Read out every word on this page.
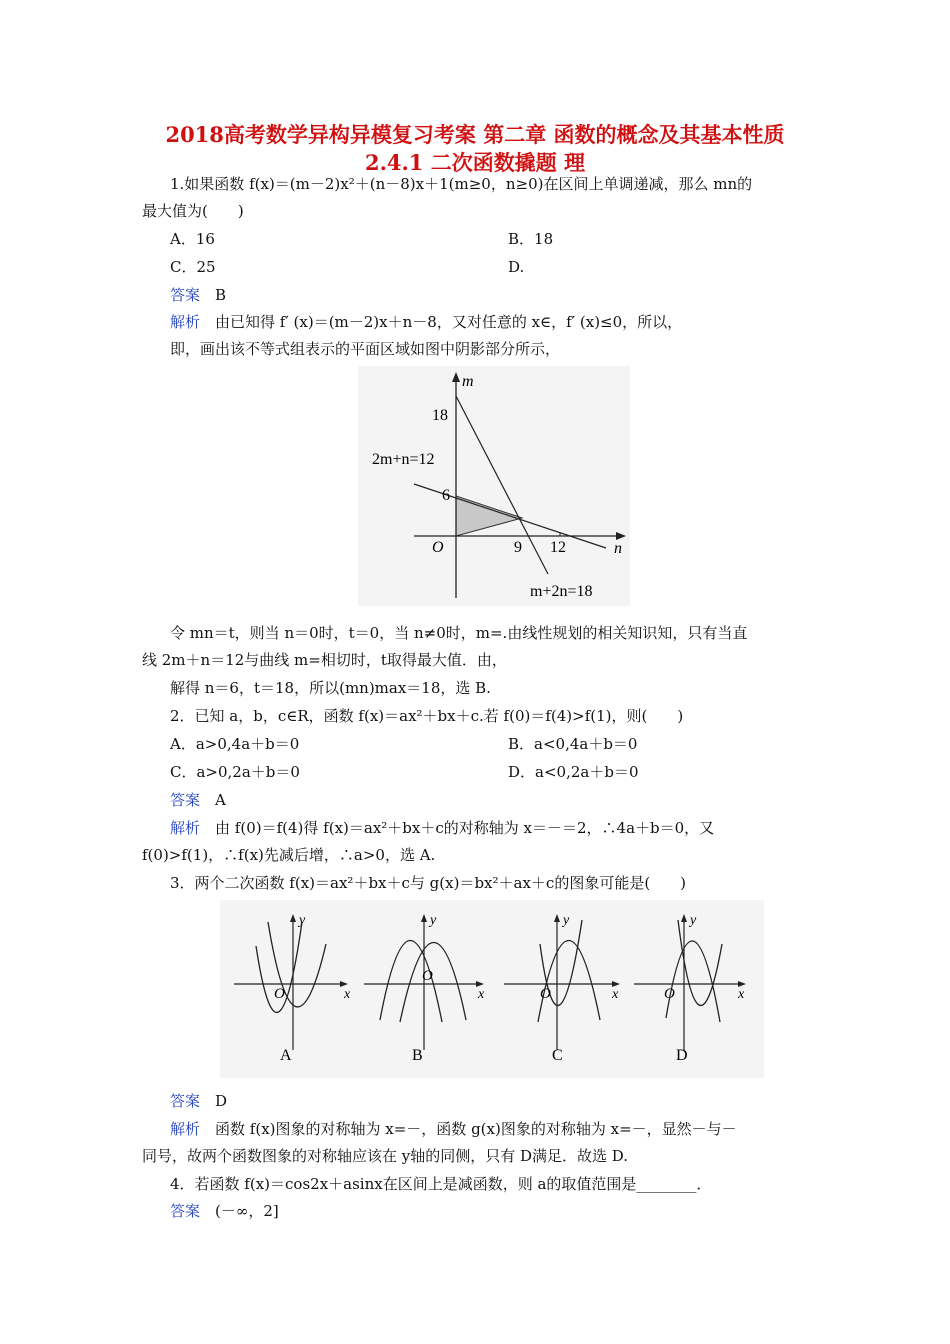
2018高考数学异构异模复习考案 第二章 函数的概念及其基本性质
2.4.1 二次函数撬题 理
1.如果函数 f(x)＝(m－2)x²＋(n－8)x＋1(m≥0，n≥0)在区间上单调递减，那么 mn的
最大值为(　　)
A．16	B．18
C．25	D.
答案　 B
解析　 由已知得 f′ (x)＝(m－2)x＋n－8，又对任意的 x∈，f′ (x)≤0，所以，
即，画出该不等式组表示的平面区域如图中阴影部分所示，
m
n
O
18
6
9 12
2m+n=12
m+2n=18
令 mn＝t，则当 n＝0时，t＝0，当 n≠0时，m=.由线性规划的相关知识知，只有当直
线 2m＋n＝12与曲线 m=相切时，t取得最大值．由，
解得 n＝6，t＝18，所以(mn)max＝18，选 B.
2．已知 a，b，c∈R，函数 f(x)＝ax²＋bx＋c.若 f(0)＝f(4)>f(1)，则(　　)
A．a>0,4a＋b＝0	B．a<0,4a＋b＝0
C．a>0,2a＋b＝0	D．a<0,2a＋b＝0
答案　 A
解析　 由 f(0)＝f(4)得 f(x)＝ax²＋bx＋c的对称轴为 x＝－＝2，∴4a＋b＝0，又
f(0)>f(1)，∴f(x)先减后增，∴a>0，选 A.
3．两个二次函数 f(x)＝ax²＋bx＋c与 g(x)＝bx²＋ax＋c的图象可能是(　　)
x
y
O
A
x
y
O
B
x
y
O
C
x
y
O
D
答案　 D
解析　 函数 f(x)图象的对称轴为 x=－，函数 g(x)图象的对称轴为 x=－，显然－与－
同号，故两个函数图象的对称轴应该在 y轴的同侧，只有 D满足．故选 D.
4．若函数 f(x)＝cos2x＋asinx在区间上是减函数，则 a的取值范围是________．
答案　 (－∞，2]
